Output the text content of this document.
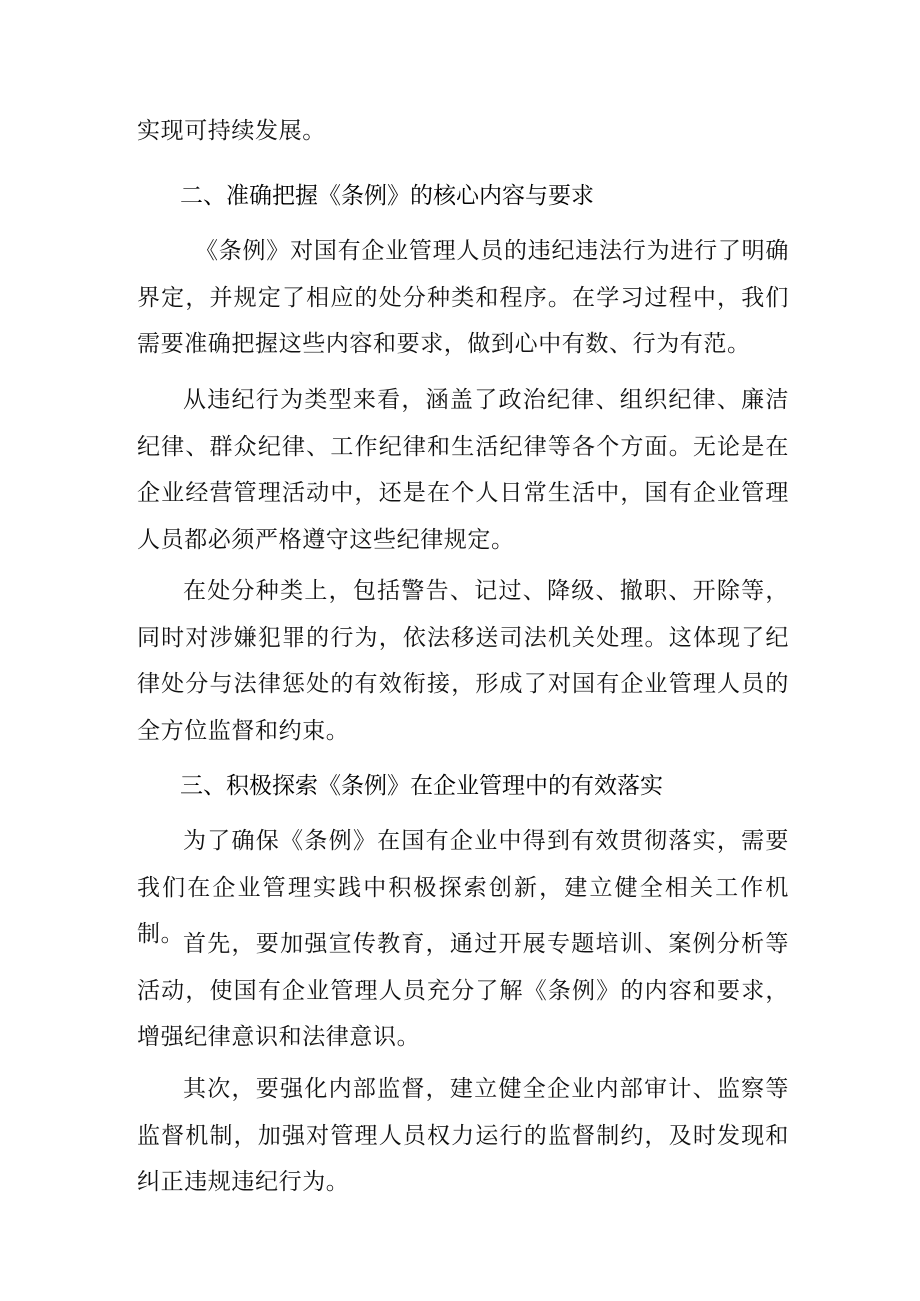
实现可持续发展。

二、准确把握《条例》的核心内容与要求

《条例》对国有企业管理人员的违纪违法行为进行了明确界定，并规定了相应的处分种类和程序。在学习过程中，我们需要准确把握这些内容和要求，做到心中有数、行为有范。

从违纪行为类型来看，涵盖了政治纪律、组织纪律、廉洁纪律、群众纪律、工作纪律和生活纪律等各个方面。无论是在企业经营管理活动中，还是在个人日常生活中，国有企业管理人员都必须严格遵守这些纪律规定。

在处分种类上，包括警告、记过、降级、撤职、开除等，同时对涉嫌犯罪的行为，依法移送司法机关处理。这体现了纪律处分与法律惩处的有效衔接，形成了对国有企业管理人员的全方位监督和约束。

三、积极探索《条例》在企业管理中的有效落实

为了确保《条例》在国有企业中得到有效贯彻落实，需要我们在企业管理实践中积极探索创新，建立健全相关工作机制。

首先，要加强宣传教育，通过开展专题培训、案例分析等活动，使国有企业管理人员充分了解《条例》的内容和要求，增强纪律意识和法律意识。

其次，要强化内部监督，建立健全企业内部审计、监察等监督机制，加强对管理人员权力运行的监督制约，及时发现和纠正违规违纪行为。
